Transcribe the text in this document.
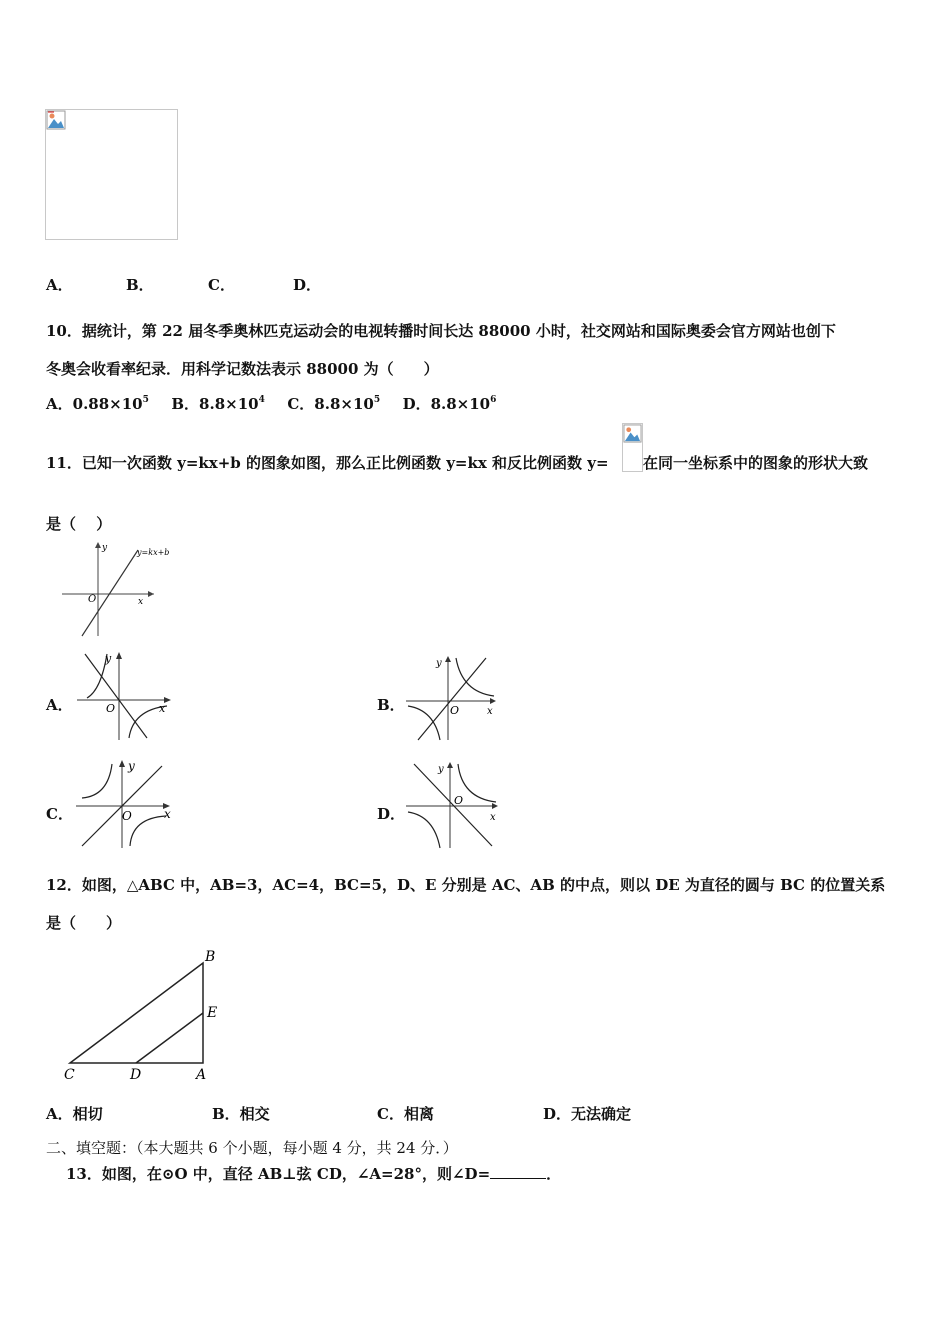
A．	B．	C．	D．
10．据统计，第 22 届冬季奥林匹克运动会的电视转播时间长达 88000 小时，社交网站和国际奥委会官方网站也创下
冬奥会收看率纪录．用科学记数法表示 88000 为（　　）
A．$0.88\times 10^5$ B．$8.8\times 10^4$ C．$8.8\times 10^5$ D．$8.8\times 10^6$
11．已知一次函数 y=kx+b 的图象如图，那么正比例函数 y=kx 和反比例函数 y= 在同一坐标系中的图象的形状大致
是（　 ）
y=kx+b
y
x
O
A．
y
x
O	B．
y
x
O
C．
y
x
O	D．
y
x
O
12．如图，△ABC 中，AB=3，AC=4，BC=5，D、E 分别是 AC、AB 的中点，则以 DE 为直径的圆与 BC 的位置关系
是（　　）
B
E
C	D	A
A．相切	B．相交	C．相离	D．无法确定
二、填空题：（本大题共 6 个小题，每小题 4 分，共 24 分．）
13．如图，在⊙O 中，直径 AB⊥弦 CD，∠A=28°，则∠D=	．
